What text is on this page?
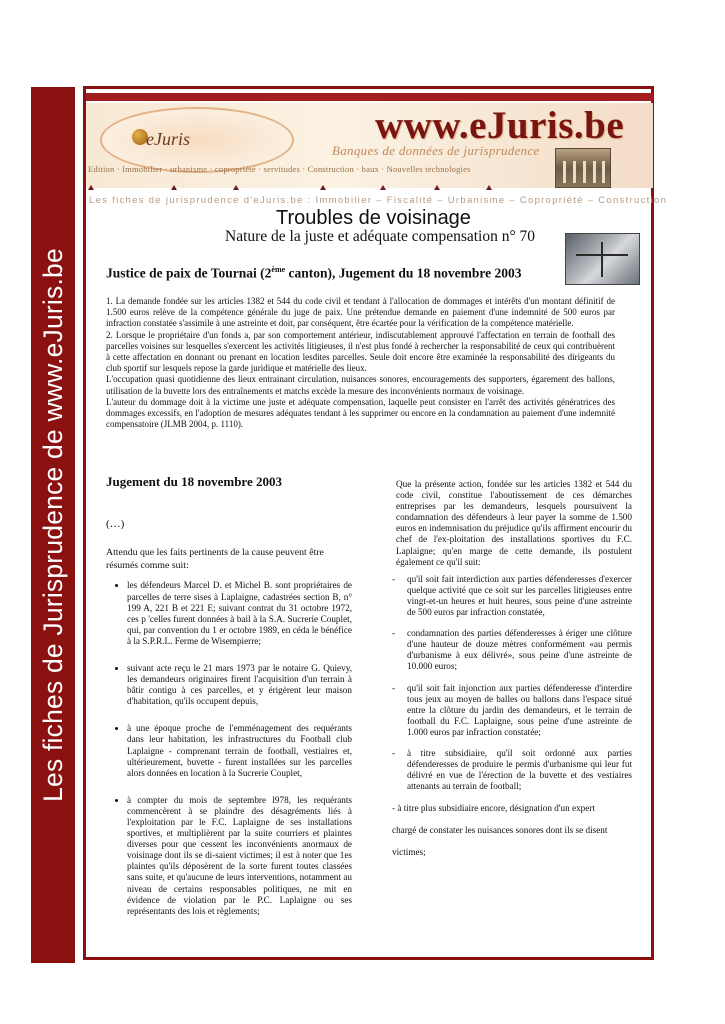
Les fiches de Jurisprudence de www.eJuris.be
eJuris	www.eJuris.be
Banques de données de jurisprudence
Edition · Immobilier · urbanisme · copropriété · servitudes · Construction · baux · Nouvelles technologies
Les fiches de jurisprudence d'eJuris.be : Immobilier – Fiscalité – Urbanisme – Copropriété – Construction
Troubles de voisinage
Nature de la juste et adéquate compensation n° 70
Justice de paix de Tournai (2ème canton), Jugement du 18 novembre 2003

1. La demande fondée sur les articles 1382 et 544 du code civil et tendant à l'allocation de dommages et intérêts d'un montant définitif de 1.500 euros relève de la compétence générale du juge de paix. Une prétendue demande en paiement d'une indemnité de 500 euros par infraction constatée s'assimile à une astreinte et doit, par conséquent, être écartée pour la vérification de la compétence matérielle.

2. Lorsque le propriétaire d'un fonds a, par son comportement antérieur, indiscutablement approuvé l'affectation en terrain de football des parcelles voisines sur lesquelles s'exercent les activités litigieuses, il n'est plus fondé à rechercher la responsabilité de ceux qui contribuèrent à cette affectation en donnant ou prenant en location lesdites parcelles. Seule doit encore être examinée la responsabilité des dirigeants du club sportif sur lesquels repose la garde juridique et matérielle des lieux.

L'occupation quasi quotidienne des lieux entrainant circulation, nuisances sonores, encouragements des supporters, égarement des ballons, utilisation de la buvette lors des entraînements et matchs excède la mesure des inconvénients normaux de voisinage.

L'auteur du dommage doit à la victime une juste et adéquate compensation, laquelle peut consister en l'arrêt des activités génératrices des dommages excessifs, en l'adoption de mesures adéquates tendant à les supprimer ou encore en la condamnation au paiement d'une indemnité compensatoire (JLMB 2004, p. 1110).

Jugement du 18 novembre 2003

(…)

Attendu que les faits pertinents de la cause peuvent être résumés comme suit:

• les défendeurs Marcel D. et Michel B. sont propriétaires de parcelles de terre sises à Laplaigne, cadastrées section B, n° 199 A, 221 B et 221 E; suivant contrat du 31 octobre 1972, ces p 'celles furent données à bail à la S.A. Sucrerie Couplet, qui, par convention du 1 er octobre 1989, en céda le bénéfice à la S.P.R.L. Ferme de Wisempierre;
• suivant acte reçu le 21 mars 1973 par le notaire G. Quievy, les demandeurs originaires firent l'acquisition d'un terrain à bâtir contigu à ces parcelles, et y érigèrent leur maison d'habitation, qu'ils occupent depuis,
• à une époque proche de l'emménagement des requérants dans leur habitation, les infrastructures du Football club Laplaigne - comprenant terrain de football, vestiaires et, ultérieurement, buvette - furent installées sur les parcelles alors données en location à la Sucrerie Couplet,
• à compter du mois de septembre l978, les requérants commencèrent à se plaindre des désagréments liés à l'exploitation par le F.C. Laplaigne de ses installations sportives, et multiplièrent par la suite courriers et plaintes diverses pour que cessent les inconvénients anormaux de voisinage dont ils se di-saient victimes; il est à noter que 1es plaintes qu'ils déposèrent de la sorte furent toutes classées sans suite, et qu'aucune de leurs interventions, notamment au niveau de certains responsables politiques, ne mit en évidence de violation par le P.C. Laplaigne ou ses représentants des lois et règlements;

Que la présente action, fondée sur les articles 1382 et 544 du code civil, constitue l'aboutissement de ces démarches entreprises par les demandeurs, lesquels poursuivent la condamnation des défendeurs à leur payer la somme de 1.500 euros en indemnisation du préjudice qu'ils affirment encourir du chef de l'ex-ploitation des installations sportives du F.C. Laplaigne; qu'en marge de cette demande, ils postulent également ce qu'il suit:

- qu'il soit fait interdiction aux parties défenderesses d'exercer quelque activité que ce soit sur les parcelles litigieuses entre vingt-et-un heures et huit heures, sous peine d'une astreinte de 500 euros par infraction constatée,
- condamnation des parties défenderesses à ériger une clôture d'une hauteur de douze mètres conformément «au permis d'urbanisme à eux délivré», sous peine d'une astreinte de 10.000 euros;
- qu'il soit fait injonction aux parties défenderesse d'interdire tous jeux au moyen de balles ou ballons dans l'espace situé entre la clôture du jardin des demandeurs, et le terrain de football du F.C. Laplaigne, sous peine d'une astreinte de 1.000 euros par infraction constatée;
- à titre subsidiaire, qu'il soit ordonné aux parties défenderesses de produire le permis d'urbanisme qui leur fut délivré en vue de l'érection de la buvette et des vestiaires attenants au terrain de football;

- à titre plus subsidiaire encore, désignation d'un expert

chargé de constater les nuisances sonores dont ils se disent

victimes;
